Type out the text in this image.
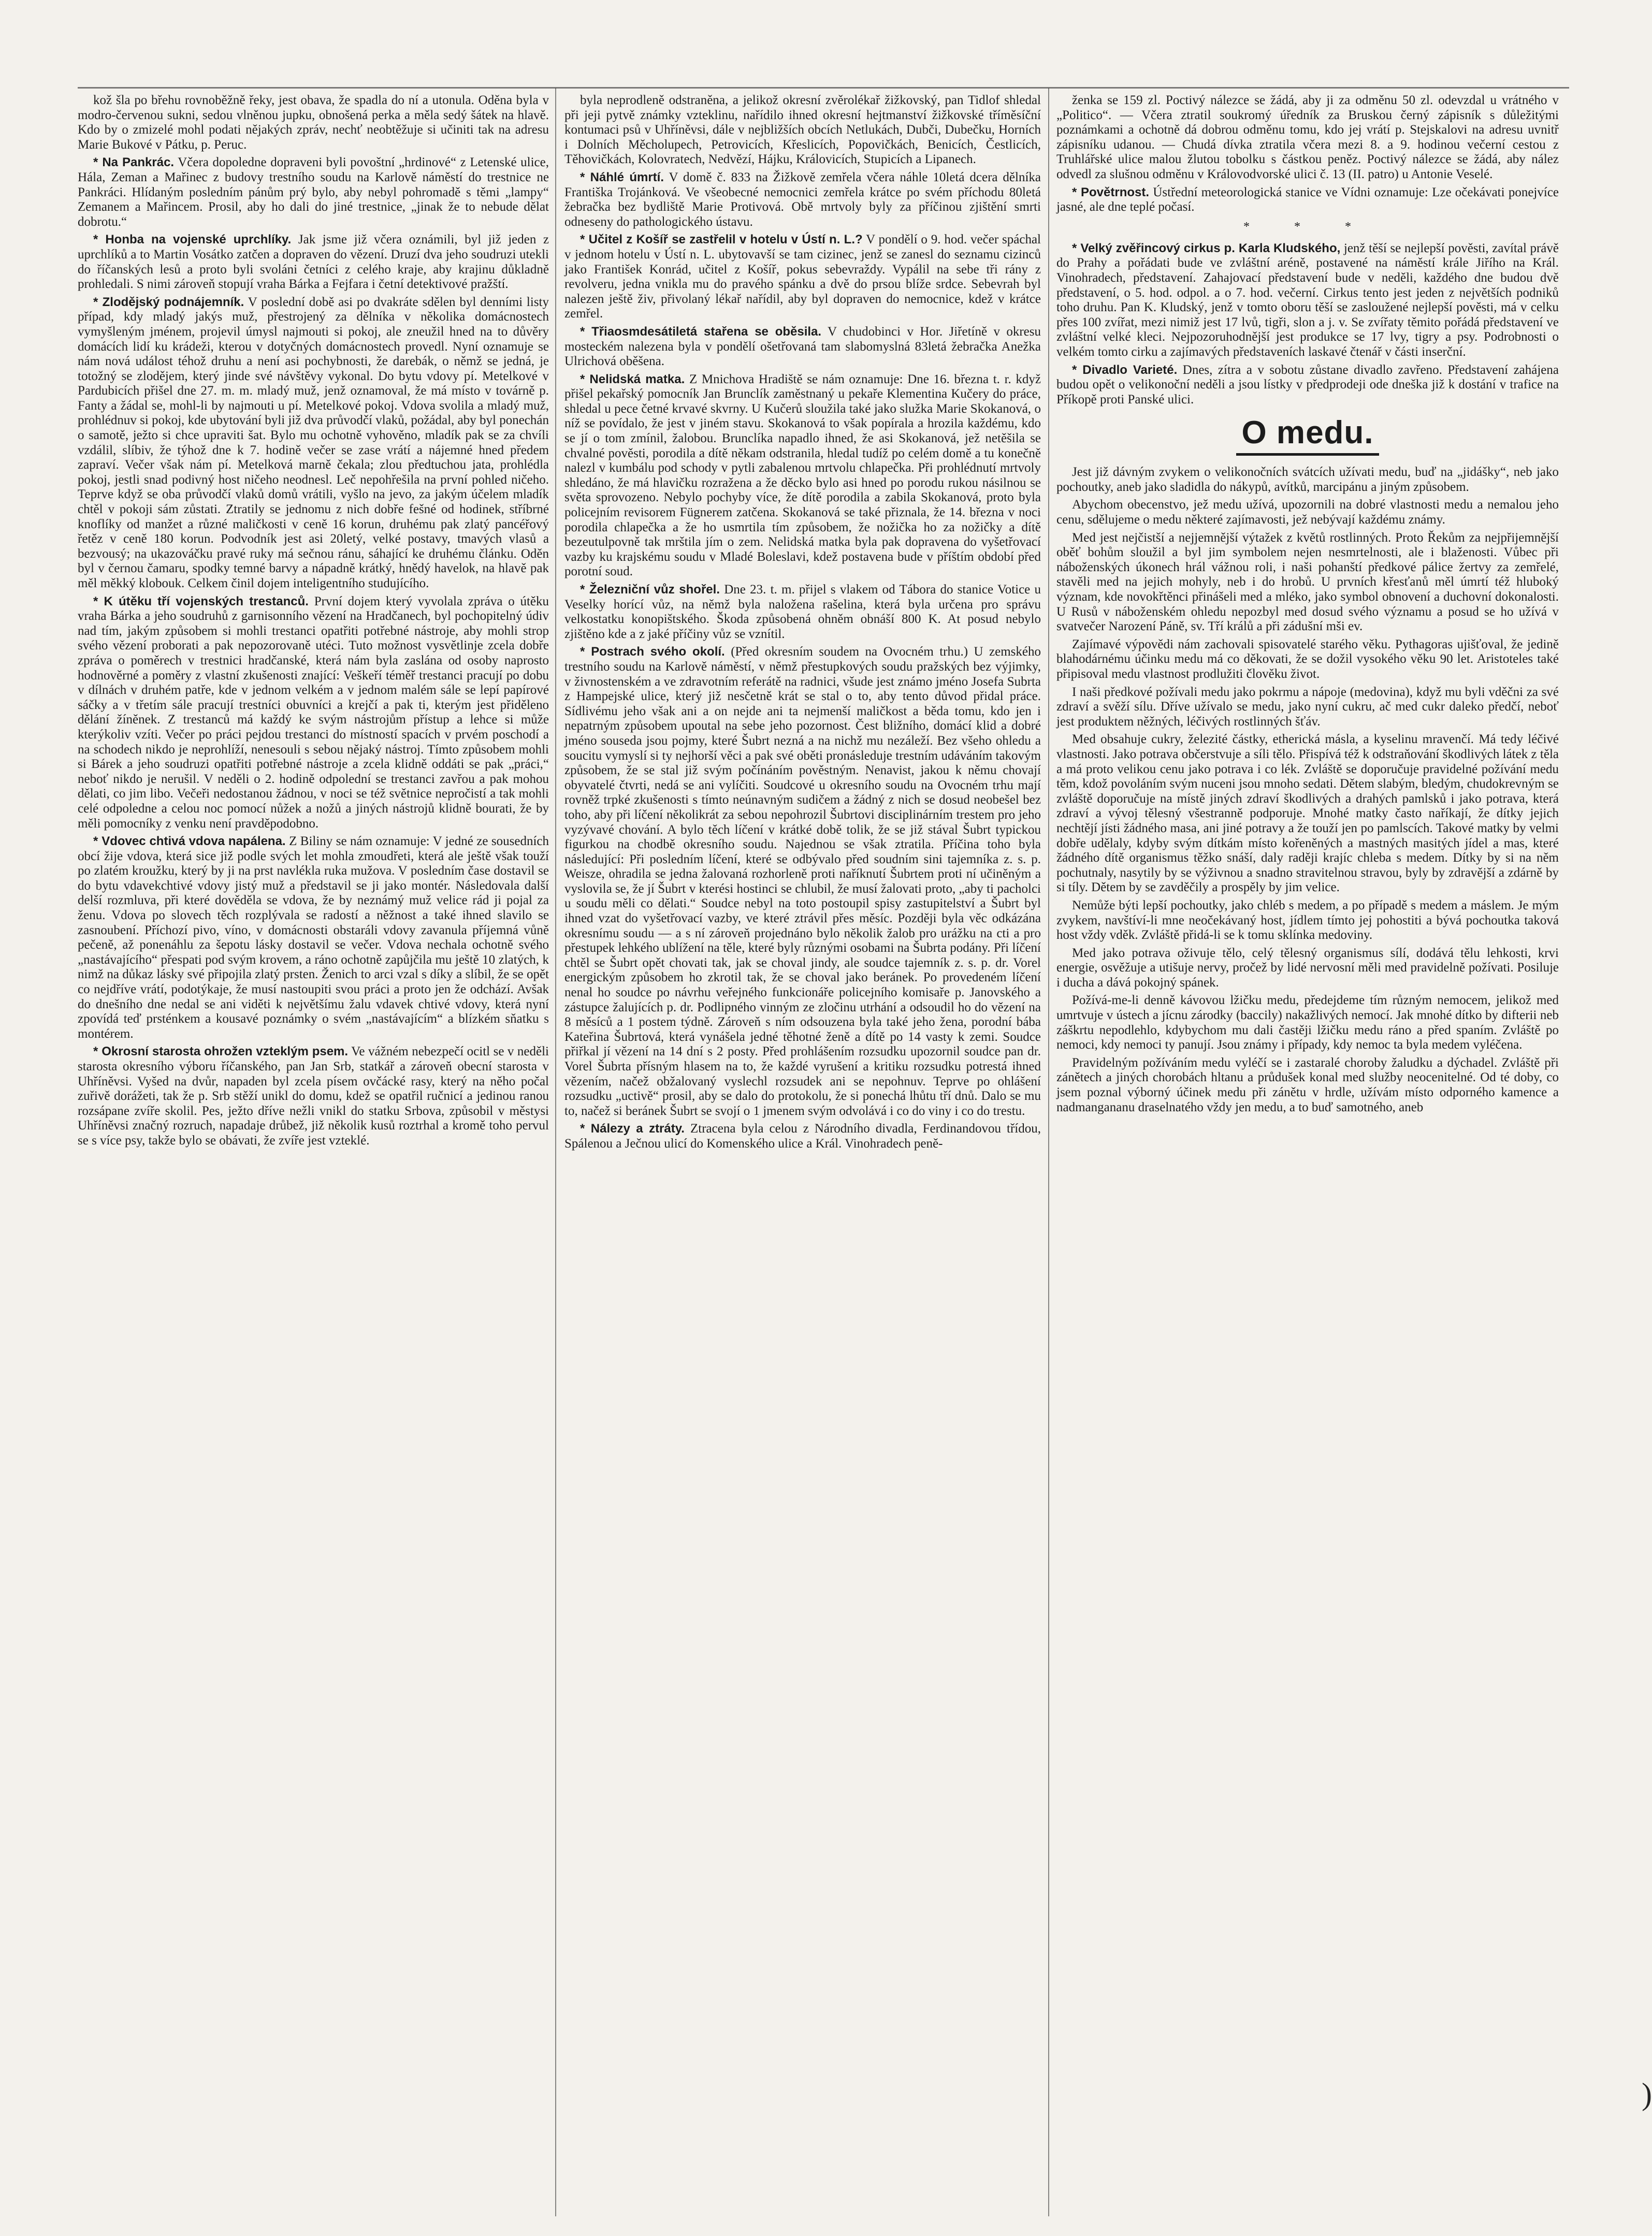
kož šla po břehu rovnoběžně řeky, jest obava, že spadla do ní a utonula. Oděna byla v modro-červenou sukni, sedou vlněnou jupku, obnošená perka a měla sedý šátek na hlavě. Kdo by o zmizelé mohl podati nějakých zpráv, nechť neobtěžuje si učiniti tak na adresu Marie Bukové v Pátku, p. Peruc.

* Na Pankrác. Včera dopoledne dopraveni byli povoštní „hrdinové“ z Letenské ulice, Hála, Zeman a Mařinec z budovy trestního soudu na Karlově náměstí do trestnice ne Pankráci. Hlídaným posledním pánům prý bylo, aby nebyl pohromadě s těmi „lampy“ Zemanem a Mařincem. Prosil, aby ho dali do jiné trestnice, „jinak že to nebude dělat dobrotu.“

* Honba na vojenské uprchlíky. Jak jsme již včera oznámili, byl již jeden z uprchlíků a to Martin Vosátko zatčen a dopraven do vězení. Druzí dva jeho soudruzi utekli do říčanských lesů a proto byli svoláni četníci z celého kraje, aby krajinu důkladně prohledali. S nimi zároveň stopují vraha Bárka a Fejfara i četní detektivové pražští.

* Zlodějský podnájemník. V poslední době asi po dvakráte sdělen byl denními listy případ, kdy mladý jakýs muž, přestrojený za dělníka v několika domácnostech vymyšleným jménem, projevil úmysl najmouti si pokoj, ale zneužil hned na to důvěry domácích lidí ku krádeži, kterou v dotyčných domácnostech provedl. Nyní oznamuje se nám nová událost téhož druhu a není asi pochybnosti, že darebák, o němž se jedná, je totožný se zlodějem, který jinde své návštěvy vykonal. Do bytu vdovy pí. Metelkové v Pardubicích přišel dne 27. m. m. mladý muž, jenž oznamoval, že má místo v továrně p. Fanty a žádal se, mohl-li by najmouti u pí. Metelkové pokoj. Vdova svolila a mladý muž, prohlédnuv si pokoj, kde ubytování byli již dva průvodčí vlaků, požádal, aby byl ponechán o samotě, ježto si chce upraviti šat. Bylo mu ochotně vyhověno, mladík pak se za chvíli vzdálil, slíbiv, že týhož dne k 7. hodině večer se zase vrátí a nájemné hned předem zapraví. Večer však nám pí. Metelková marně čekala; zlou předtuchou jata, prohlédla pokoj, jestli snad podivný host ničeho neodnesl. Leč nepohřešila na první pohled ničeho. Teprve když se oba průvodčí vlaků domů vrátili, vyšlo na jevo, za jakým účelem mladík chtěl v pokoji sám zůstati. Ztratily se jednomu z nich dobře fešné od hodinek, stříbrné knoflíky od manžet a různé maličkosti v ceně 16 korun, druhému pak zlatý pancéřový řetěz v ceně 180 korun. Podvodník jest asi 20letý, velké postavy, tmavých vlasů a bezvousý; na ukazováčku pravé ruky má sečnou ránu, sáhající ke druhému článku. Oděn byl v černou čamaru, spodky temné barvy a nápadně krátký, hnědý havelok, na hlavě pak měl měkký klobouk. Celkem činil dojem inteligentního studujícího.

* K útěku tří vojenských trestanců. První dojem který vyvolala zpráva o útěku vraha Bárka a jeho soudruhů z garnisonního vězení na Hradčanech, byl pochopitelný údiv nad tím, jakým způsobem si mohli trestanci opatřiti potřebné nástroje, aby mohli strop svého vězení proborati a pak nepozorovaně utéci. Tuto možnost vysvětlinje zcela dobře zpráva o poměrech v trestnici hradčanské, která nám byla zaslána od osoby naprosto hodnověrné a poměry z vlastní zkušenosti znající: Veškeří téměř trestanci pracují po dobu v dílnách v druhém patře, kde v jednom velkém a v jednom malém sále se lepí papírové sáčky a v třetím sále pracují trestníci obuvníci a krejčí a pak ti, kterým jest přiděleno dělání žíněnek. Z trestanců má každý ke svým nástrojům přístup a lehce si může kterýkoliv vzíti. Večer po práci pejdou trestanci do místností spacích v prvém poschodí a na schodech nikdo je neprohlíží, nenesouli s sebou nějaký nástroj. Tímto způsobem mohli si Bárek a jeho soudruzi opatřiti potřebné nástroje a zcela klidně oddáti se pak „práci,“ neboť nikdo je nerušil. V neděli o 2. hodině odpolední se trestanci zavřou a pak mohou dělati, co jim libo. Večeři nedostanou žádnou, v noci se též světnice nepročistí a tak mohli celé odpoledne a celou noc pomocí nůžek a nožů a jiných nástrojů klidně bourati, že by měli pomocníky z venku není pravděpodobno.

* Vdovec chtivá vdova napálena. Z Biliny se nám oznamuje: V jedné ze sousedních obcí žije vdova, která sice již podle svých let mohla zmoudřeti, která ale ještě však touží po zlatém kroužku, který by ji na prst navlékla ruka mužova. V posledním čase dostavil se do bytu vdavekchtivé vdovy jistý muž a představil se ji jako montér. Následovala další delší rozmluva, při které dověděla se vdova, že by neznámý muž velice rád ji pojal za ženu. Vdova po slovech těch rozplývala se radostí a něžnost a také ihned slavilo se zasnoubení. Příchozí pivo, víno, v domácnosti obstaráli vdovy zavanula příjemná vůně pečeně, až ponenáhlu za šepotu lásky dostavil se večer. Vdova nechala ochotně svého „nastávajícího“ přespati pod svým krovem, a ráno ochotně zapůjčila mu ještě 10 zlatých, k nimž na důkaz lásky své připojila zlatý prsten. Ženich to arci vzal s díky a slíbil, že se opět co nejdříve vrátí, podotýkaje, že musí nastoupiti svou práci a proto jen že odchází. Avšak do dnešního dne nedal se ani viděti k největšímu žalu vdavek chtivé vdovy, která nyní zpovídá teď prsténkem a kousavé poznámky o svém „nastávajícím“ a blízkém sňatku s montérem.

* Okrosní starosta ohrožen vzteklým psem. Ve vážném nebezpečí ocitl se v neděli starosta okresního výboru říčanského, pan Jan Srb, statkář a zároveň obecní starosta v Uhříněvsi. Vyšed na dvůr, napaden byl zcela písem ovčácké rasy, který na něho počal zuřivě dorážeti, tak že p. Srb stěží unikl do domu, kdež se opatřil ručnicí a jedinou ranou rozsápane zvíře skolil. Pes, ježto dříve nežli vnikl do statku Srbova, způsobil v městysi Uhříněvsi značný rozruch, napadaje drůbež, již několik kusů roztrhal a kromě toho pervul se s více psy, takže bylo se obávati, že zvíře jest vzteklé.

byla neprodleně odstraněna, a jelikož okresní zvěrolékař žižkovský, pan Tidlof shledal při jeji pytvě známky vzteklinu, nařídilo ihned okresní hejtmanství žižkovské tříměsíční kontumaci psů v Uhříněvsi, dále v nejbližších obcích Netlukách, Dubči, Dubečku, Horních i Dolních Měcholupech, Petrovicích, Křeslicích, Popovičkách, Benicích, Čestlicích, Těhovičkách, Kolovratech, Nedvězí, Hájku, Královicích, Stupicích a Lipanech.

* Náhlé úmrtí. V domě č. 833 na Žižkově zemřela včera náhle 10letá dcera dělníka Františka Trojánková. Ve všeobecné nemocnici zemřela krátce po svém příchodu 80letá žebračka bez bydliště Marie Protivová. Obě mrtvoly byly za příčinou zjištění smrti odneseny do pathologického ústavu.

* Učitel z Košíř se zastřelil v hotelu v Ústí n. L.? V pondělí o 9. hod. večer spáchal v jednom hotelu v Ústí n. L. ubytovavší se tam cizinec, jenž se zanesl do seznamu cizinců jako František Konrád, učitel z Košíř, pokus sebevraždy. Vypálil na sebe tři rány z revolveru, jedna vnikla mu do pravého spánku a dvě do prsou blíže srdce. Sebevrah byl nalezen ještě živ, přivolaný lékař nařídil, aby byl dopraven do nemocnice, kdež v krátce zemřel.

* Třiaosmdesátiletá stařena se oběsila. V chudobinci v Hor. Jiřetíně v okresu mosteckém nalezena byla v pondělí ošetřovaná tam slabomyslná 83letá žebračka Anežka Ulrichová oběšena.

* Nelidská matka. Z Mnichova Hradiště se nám oznamuje: Dne 16. března t. r. když přišel pekařský pomocník Jan Brunclík zaměstnaný u pekaře Klementina Kučery do práce, shledal u pece četné krvavé skvrny. U Kučerů sloužila také jako služka Marie Skokanová, o níž se povídalo, že jest v jiném stavu. Skokanová to však popírala a hrozila každému, kdo se jí o tom zmínil, žalobou. Brunclíka napadlo ihned, že asi Skokanová, jež netěšila se chvalné pověsti, porodila a dítě někam odstranila, hledal tudíž po celém domě a tu konečně nalezl v kumbálu pod schody v pytli zabalenou mrtvolu chlapečka. Při prohlédnutí mrtvoly shledáno, že má hlavičku rozražena a že děcko bylo asi hned po porodu rukou násilnou se světa sprovozeno. Nebylo pochyby více, že dítě porodila a zabila Skokanová, proto byla policejním revisorem Fügnerem zatčena. Skokanová se také přiznala, že 14. března v noci porodila chlapečka a že ho usmrtila tím způsobem, že nožička ho za nožičky a dítě bezeutulpovně tak mrštila jím o zem. Nelidská matka byla pak dopravena do vyšetřovací vazby ku krajskému soudu v Mladé Boleslavi, kdež postavena bude v příštím období před porotní soud.

* Železniční vůz shořel. Dne 23. t. m. přijel s vlakem od Tábora do stanice Votice u Veselky horící vůz, na němž byla naložena rašelina, která byla určena pro správu velkostatku konopištského. Škoda způsobená ohněm obnáší 800 K. At posud nebylo zjištěno kde a z jaké příčiny vůz se vznítil.

* Postrach svého okolí. (Před okresním soudem na Ovocném trhu.) U zemského trestního soudu na Karlově náměstí, v němž přestupkových soudu pražských bez výjimky, v živnostenském a ve zdravotním referátě na radnici, všude jest známo jméno Josefa Subrta z Hampejské ulice, který již nesčetně krát se stal o to, aby tento důvod přidal práce. Sídlivému jeho však ani a on nejde ani ta nejmenší maličkost a běda tomu, kdo jen i nepatrným způsobem upoutal na sebe jeho pozornost. Čest bližního, domácí klid a dobré jméno souseda jsou pojmy, které Šubrt nezná a na nichž mu nezáleží. Bez všeho ohledu a soucitu vymyslí si ty nejhorší věci a pak své oběti pronásleduje trestním udáváním takovým způsobem, že se stal již svým počínáním pověstným. Nenavist, jakou k němu chovají obyvatelé čtvrti, nedá se ani vylíčiti. Soudcové u okresního soudu na Ovocném trhu mají rovněž trpké zkušenosti s tímto neúnavným sudičem a žádný z nich se dosud neobešel bez toho, aby při líčení několikrát za sebou nepohrozil Šubrtovi disciplinárním trestem pro jeho vyzývavé chování. A bylo těch líčení v krátké době tolik, že se již stával Šubrt typickou figurkou na chodbě okresního soudu. Najednou se však ztratila. Příčina toho byla následující: Při posledním líčení, které se odbývalo před soudním sini tajemníka z. s. p. Weisze, ohradila se jedna žalovaná rozhorleně proti naříknutí Šubrtem proti ní učiněným a vyslovila se, že jí Šubrt v kterési hostinci se chlubil, že musí žalovati proto, „aby ti pacholci u soudu měli co dělati.“ Soudce nebyl na toto postoupil spisy zastupitelství a Šubrt byl ihned vzat do vyšetřovací vazby, ve které ztrávil přes měsíc. Později byla věc odkázána okresnímu soudu — a s ní zároveň projednáno bylo několik žalob pro urážku na cti a pro přestupek lehkého ublížení na těle, které byly různými osobami na Šubrta podány. Při líčení chtěl se Šubrt opět chovati tak, jak se choval jindy, ale soudce tajemník z. s. p. dr. Vorel energickým způsobem ho zkrotil tak, že se choval jako beránek. Po provedeném líčení nenal ho soudce po návrhu veřejného funkcionáře policejního komisaře p. Janovského a zástupce žalujících p. dr. Podlipného vinným ze zločinu utrhání a odsoudil ho do vězení na 8 měsíců a 1 postem týdně. Zároveň s ním odsouzena byla také jeho žena, porodní bába Kateřina Šubrtová, která vynášela jedné těhotné ženě a dítě po 14 vasty k zemi. Soudce přiřkal jí vězení na 14 dní s 2 posty. Před prohlášením rozsudku upozornil soudce pan dr. Vorel Šubrta přísným hlasem na to, že každé vyrušení a kritiku rozsudku potrestá ihned vězením, načež obžalovaný vyslechl rozsudek ani se nepohnuv. Teprve po ohlášení rozsudku „uctivě“ prosil, aby se dalo do protokolu, že si ponechá lhůtu tří dnů. Dalo se mu to, načež si beránek Šubrt se svojí o 1 jmenem svým odvolává i co do viny i co do trestu.

* Nálezy a ztráty. Ztracena byla celou z Národního divadla, Ferdinandovou třídou, Spálenou a Ječnou ulicí do Komenského ulice a Král. Vinohradech peně-

ženka se 159 zl. Poctivý nálezce se žádá, aby ji za odměnu 50 zl. odevzdal u vrátného v „Politico“. — Včera ztratil soukromý úředník za Bruskou černý zápisník s důležitými poznámkami a ochotně dá dobrou odměnu tomu, kdo jej vrátí p. Stejskalovi na adresu uvnitř zápisníku udanou. — Chudá dívka ztratila včera mezi 8. a 9. hodinou večerní cestou z Truhlářské ulice malou žlutou tobolku s částkou peněz. Poctivý nálezce se žádá, aby nález odvedl za slušnou odměnu v Královodvorské ulici č. 13 (II. patro) u Antonie Veselé.

* Povětrnost. Ústřední meteorologická stanice ve Vídni oznamuje: Lze očekávati ponejvíce jasné, ale dne teplé počasí.

* * *

* Velký zvěřincový cirkus p. Karla Kludského, jenž těší se nejlepší pověsti, zavítal právě do Prahy a pořádati bude ve zvláštní aréně, postavené na náměstí krále Jiřího na Král. Vinohradech, představení. Zahajovací představení bude v neděli, každého dne budou dvě představení, o 5. hod. odpol. a o 7. hod. večerní. Cirkus tento jest jeden z největších podniků toho druhu. Pan K. Kludský, jenž v tomto oboru těší se zasloužené nejlepší pověsti, má v celku přes 100 zvířat, mezi nimiž jest 17 lvů, tigři, slon a j. v. Se zvířaty těmito pořádá představení ve zvláštní velké kleci. Nejpozoruhodnější jest produkce se 17 lvy, tigry a psy. Podrobnosti o velkém tomto cirku a zajímavých představeních laskavé čtenář v části inserční.

* Divadlo Varieté. Dnes, zítra a v sobotu zůstane divadlo zavřeno. Představení zahájena budou opět o velikonoční neděli a jsou lístky v předprodeji ode dneška již k dostání v trafice na Příkopě proti Panské ulici.

O medu.

Jest již dávným zvykem o velikonočních svátcích užívati medu, buď na „jidášky“, neb jako pochoutky, aneb jako sladidla do nákypů, avítků, marcipánu a jiným způsobem.

Abychom obecenstvo, jež medu užívá, upozornili na dobré vlastnosti medu a nemalou jeho cenu, sdělujeme o medu některé zajímavosti, jež nebývají každému známy.

Med jest nejčistší a nejjemnější výtažek z květů rostlinných. Proto Řekům za nejpřijemnější oběť bohům sloužil a byl jim symbolem nejen nesmrtelnosti, ale i blaženosti. Vůbec při náboženských úkonech hrál vážnou roli, i naši pohanští předkové pálice žertvy za zemřelé, stavěli med na jejich mohyly, neb i do hrobů. U prvních křesťanů měl úmrtí též hluboký význam, kde novokřtěnci přinášeli med a mléko, jako symbol obnovení a duchovní dokonalosti. U Rusů v náboženském ohledu nepozbyl med dosud svého významu a posud se ho užívá v svatvečer Narození Páně, sv. Tří králů a při zádušní mši ev.

Zajímavé výpovědi nám zachovali spisovatelé starého věku. Pythagoras ujišťoval, že jedině blahodárnému účinku medu má co děkovati, že se dožil vysokého věku 90 let. Aristoteles také připisoval medu vlastnost prodlužiti člověku život.

I naši předkové požívali medu jako pokrmu a nápoje (medovina), když mu byli vděčni za své zdraví a svěží sílu. Dříve užívalo se medu, jako nyní cukru, ač med cukr daleko předčí, neboť jest produktem něžných, léčivých rostlinných šťáv.

Med obsahuje cukry, železité částky, etherická másla, a kyselinu mravenčí. Má tedy léčivé vlastnosti. Jako potrava občerstvuje a síli tělo. Přispívá též k odstraňování škodlivých látek z těla a má proto velikou cenu jako potrava i co lék. Zvláště se doporučuje pravidelné požívání medu těm, kdož povoláním svým nuceni jsou mnoho sedati. Dětem slabým, bledým, chudokrevným se zvláště doporučuje na místě jiných zdraví škodlivých a drahých pamlsků i jako potrava, která zdraví a vývoj tělesný všestranně podporuje. Mnohé matky často naříkají, že dítky jejich nechtějí jísti žádného masa, ani jiné potravy a že touží jen po pamlscích. Takové matky by velmi dobře udělaly, kdyby svým dítkám místo kořeněných a mastných masitých jídel a mas, které žádného dítě organismus těžko snáší, daly raději krajíc chleba s medem. Dítky by si na něm pochutnaly, nasytily by se výživnou a snadno stravitelnou stravou, byly by zdravější a zdárně by si tíly. Dětem by se zavděčily a prospěly by jim velice.

Nemůže býti lepší pochoutky, jako chléb s medem, a po případě s medem a máslem. Je mým zvykem, navštíví-li mne neočekávaný host, jídlem tímto jej pohostiti a bývá pochoutka taková host vždy vděk. Zvláště přidá-li se k tomu sklínka medoviny.

Med jako potrava oživuje tělo, celý tělesný organismus sílí, dodává tělu lehkosti, krvi energie, osvěžuje a utišuje nervy, pročež by lidé nervosní měli med pravidelně požívati. Posiluje i ducha a dává pokojný spánek.

Požívá-me-li denně kávovou lžičku medu, předejdeme tím různým nemocem, jelikož med umrtvuje v ústech a jícnu zárodky (baccily) nakažlivých nemocí. Jak mnohé dítko by difterii neb záškrtu nepodlehlo, kdybychom mu dali častěji lžičku medu ráno a před spaním. Zvláště po nemoci, kdy nemoci ty panují. Jsou známy i případy, kdy nemoc ta byla medem vyléčena.

Pravidelným požíváním medu vyléčí se i zastaralé choroby žaludku a dýchadel. Zvláště při zánětech a jiných chorobách hltanu a průdušek konal med služby neocenitelné. Od té doby, co jsem poznal výborný účinek medu při zánětu v hrdle, užívám místo odporného kamence a nadmangananu draselnatého vždy jen medu, a to buď samotného, aneb

)
